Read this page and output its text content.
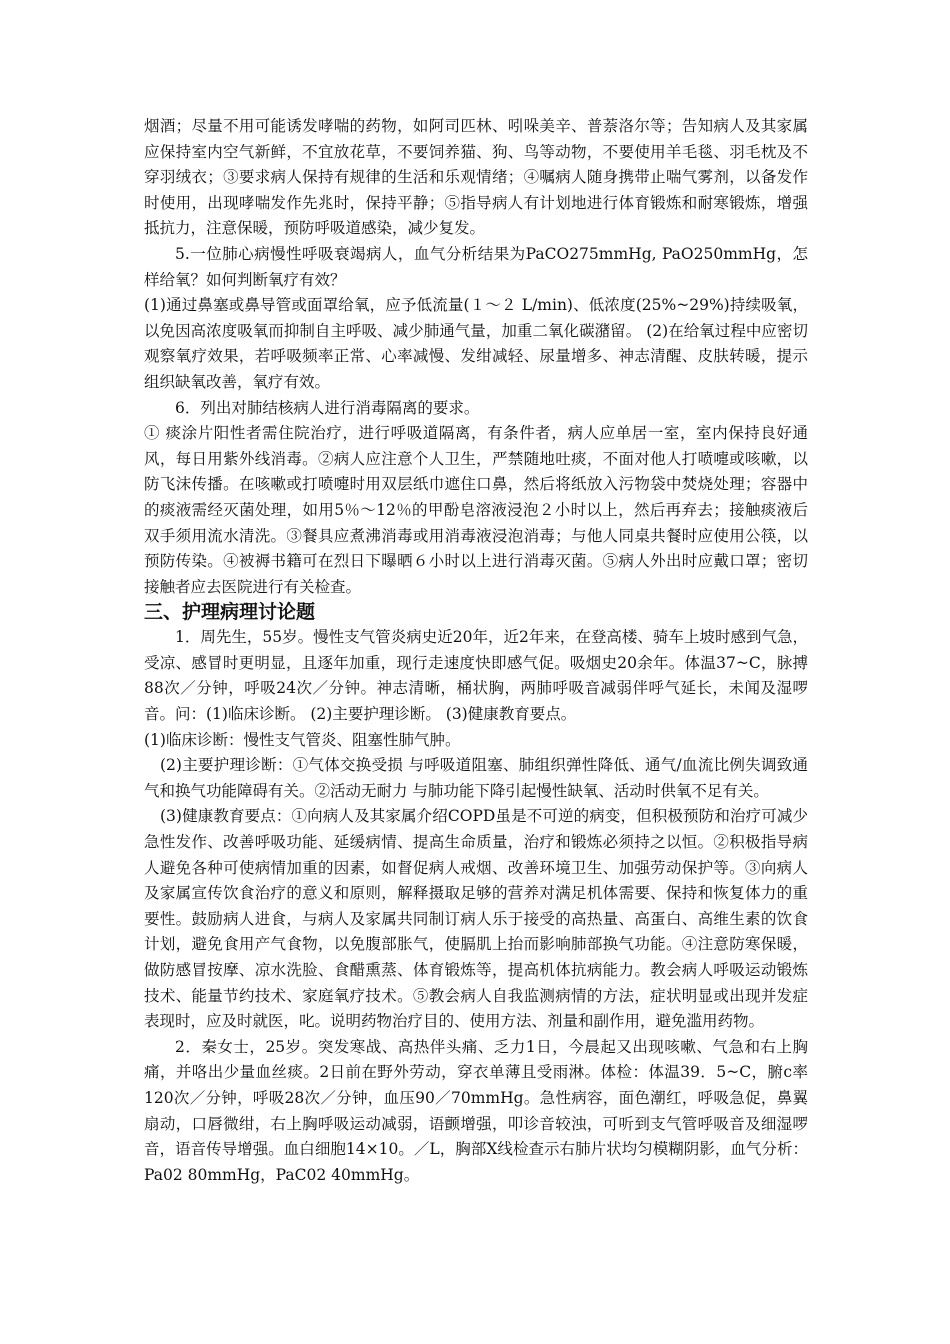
烟酒；尽量不用可能诱发哮喘的药物，如阿司匹林、吲哚美辛、普萘洛尔等；告知病人及其家属应保持室内空气新鲜，不宜放花草，不要饲养猫、狗、鸟等动物，不要使用羊毛毯、羽毛枕及不穿羽绒衣；③要求病人保持有规律的生活和乐观情绪；④嘱病人随身携带止喘气雾剂，以备发作时使用，出现哮喘发作先兆时，保持平静；⑤指导病人有计划地进行体育锻炼和耐寒锻炼，增强抵抗力，注意保暖，预防呼吸道感染，减少复发。

5.一位肺心病慢性呼吸衰竭病人，血气分析结果为PaCO275mmHg, PaO250mmHg，怎样给氧？如何判断氧疗有效？

(1)通过鼻塞或鼻导管或面罩给氧，应予低流量(１～２ L/min)、低浓度(25%~29%)持续吸氧，以免因高浓度吸氧而抑制自主呼吸、减少肺通气量，加重二氧化碳潴留。 (2)在给氧过程中应密切观察氧疗效果，若呼吸频率正常、心率减慢、发绀减轻、尿量增多、神志清醒、皮肤转暖，提示组织缺氧改善，氧疗有效。

6．列出对肺结核病人进行消毒隔离的要求。

① 痰涂片阳性者需住院治疗，进行呼吸道隔离，有条件者，病人应单居一室，室内保持良好通风，每日用紫外线消毒。②病人应注意个人卫生，严禁随地吐痰，不面对他人打喷嚏或咳嗽，以防飞沫传播。在咳嗽或打喷嚏时用双层纸巾遮住口鼻，然后将纸放入污物袋中焚烧处理；容器中的痰液需经灭菌处理，如用5％～12％的甲酚皂溶液浸泡２小时以上，然后再弃去；接触痰液后双手须用流水清洗。③餐具应煮沸消毒或用消毒液浸泡消毒；与他人同桌共餐时应使用公筷，以预防传染。④被褥书籍可在烈日下曝晒６小时以上进行消毒灭菌。⑤病人外出时应戴口罩；密切接触者应去医院进行有关检查。

三、护理病理讨论题

1．周先生，55岁。慢性支气管炎病史近20年，近2年来，在登高楼、骑车上坡时感到气急，受凉、感冒时更明显，且逐年加重，现行走速度快即感气促。吸烟史20余年。体温37~C，脉搏88次／分钟，呼吸24次／分钟。神志清晰，桶状胸，两肺呼吸音减弱伴呼气延长，未闻及湿啰音。问：(1)临床诊断。 (2)主要护理诊断。 (3)健康教育要点。

(1)临床诊断：慢性支气管炎、阻塞性肺气肿。

(2)主要护理诊断：①气体交换受损 与呼吸道阻塞、肺组织弹性降低、通气/血流比例失调致通气和换气功能障碍有关。②活动无耐力 与肺功能下降引起慢性缺氧、活动时供氧不足有关。

(3)健康教育要点：①向病人及其家属介绍COPD虽是不可逆的病变，但积极预防和治疗可减少急性发作、改善呼吸功能、延缓病情、提高生命质量，治疗和锻炼必须持之以恒。②积极指导病人避免各种可使病情加重的因素，如督促病人戒烟、改善环境卫生、加强劳动保护等。③向病人及家属宣传饮食治疗的意义和原则，解释摄取足够的营养对满足机体需要、保持和恢复体力的重要性。鼓励病人进食，与病人及家属共同制订病人乐于接受的高热量、高蛋白、高维生素的饮食计划，避免食用产气食物，以免腹部胀气，使膈肌上抬而影响肺部换气功能。④注意防寒保暖，做防感冒按摩、凉水洗脸、食醋熏蒸、体育锻炼等，提高机体抗病能力。教会病人呼吸运动锻炼技术、能量节约技术、家庭氧疗技术。⑤教会病人自我监测病情的方法，症状明显或出现并发症表现时，应及时就医，叱。说明药物治疗目的、使用方法、剂量和副作用，避免滥用药物。

2．秦女士，25岁。突发寒战、高热伴头痛、乏力1日，今晨起又出现咳嗽、气急和右上胸痛，并咯出少量血丝痰。2日前在野外劳动，穿衣单薄且受雨淋。体检：体温39．5~C，腑c率120次／分钟，呼吸28次／分钟，血压90／70mmHg。急性病容，面色潮红，呼吸急促，鼻翼扇动，口唇微绀，右上胸呼吸运动减弱，语颤增强，叩诊音较浊，可听到支气管呼吸音及细湿啰音，语音传导增强。血白细胞14×10。／L，胸部X线检查示右肺片状均匀模糊阴影，血气分析：Pa02 80mmHg，PaC02 40mmHg。
